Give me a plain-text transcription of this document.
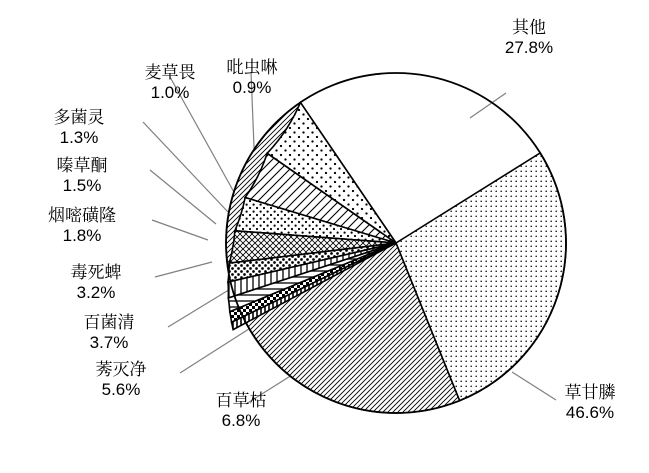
其他
27.8%
草甘膦
46.6%
百草枯
6.8%
莠灭净
5.6%
百菌清
3.7%
毒死蜱
3.2%
烟嘧磺隆
1.8%
嗪草酮
1.5%
多菌灵
1.3%
麦草畏
1.0%
吡虫啉
0.9%
